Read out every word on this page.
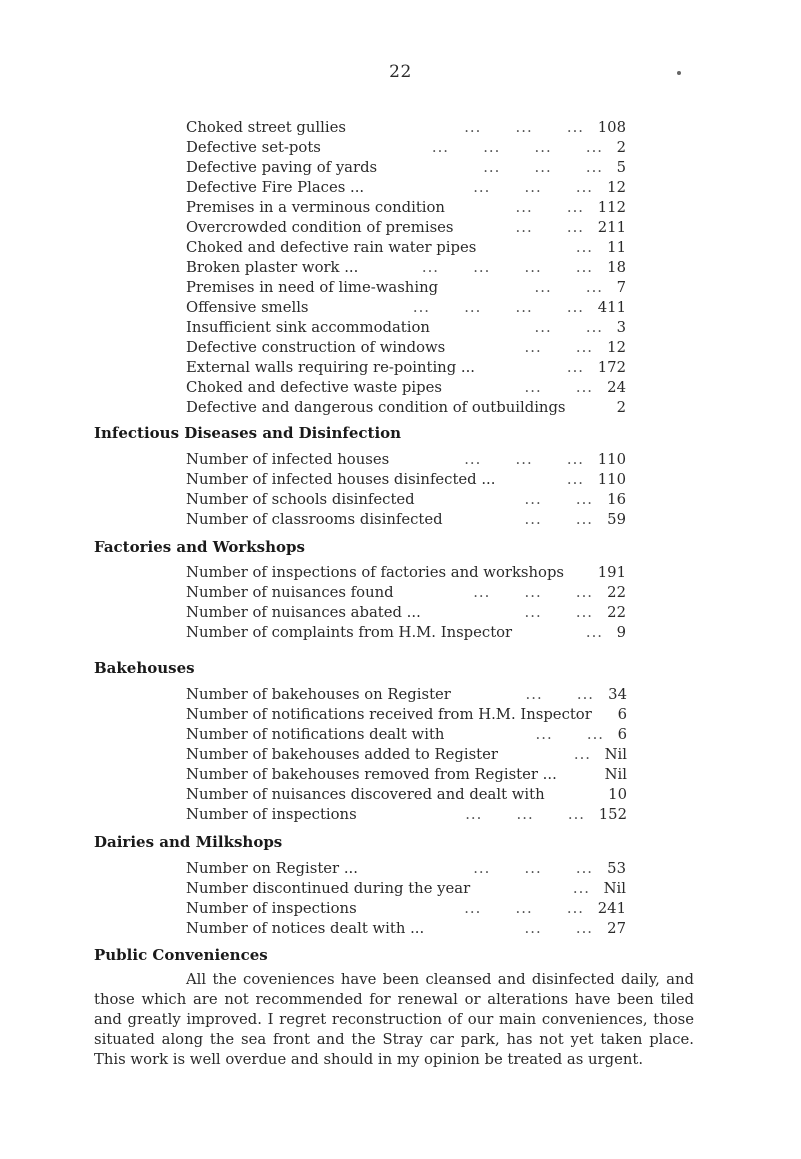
22
Choked street gullies	...      ...      ... 108
Defective set-pots	...      ...      ...      ... 2
Defective paving of yards	...      ...      ... 5
Defective Fire Places ...	...      ...      ... 12
Premises in a verminous condition	...      ... 112
Overcrowded condition of premises	...      ... 211
Choked and defective rain water pipes	... 11
Broken plaster work ...	...      ...      ...      ... 18
Premises in need of lime-washing	...      ... 7
Offensive smells	...      ...      ...      ... 411
Insufficient sink accommodation	...      ... 3
Defective construction of windows	...      ... 12
External walls requiring re-pointing ...	... 172
Choked and defective waste pipes	...      ... 24
Defective and dangerous condition of outbuildings	2
Infectious Diseases and Disinfection
Number of infected houses	...      ...      ... 110
Number of infected houses disinfected ...	... 110
Number of schools disinfected	...      ... 16
Number of classrooms disinfected	...      ... 59
Factories and Workshops
Number of inspections of factories and workshops 191
Number of nuisances found	...      ...      ... 22
Number of nuisances abated ...	...      ... 22
Number of complaints from H.M. Inspector	... 9
Bakehouses
Number of bakehouses on Register	...      ... 34
Number of notifications received from H.M. Inspector 6
Number of notifications dealt with	...      ... 6
Number of bakehouses added to Register	... Nil
Number of bakehouses removed from Register ...	Nil
Number of nuisances discovered and dealt with	10
Number of inspections	...      ...      ... 152
Dairies and Milkshops
Number on Register ...	...      ...      ... 53
Number discontinued during the year	... Nil
Number of inspections	...      ...      ... 241
Number of notices dealt with ...	...      ... 27
Public Conveniences
All the coveniences have been cleansed and disinfected daily, and those which are not recommended for renewal or alterations have been tiled and greatly improved. I regret reconstruction of our main conveniences, those situated along the sea front and the Stray car park, has not yet taken place. This work is well overdue and should in my opinion be treated as urgent.
